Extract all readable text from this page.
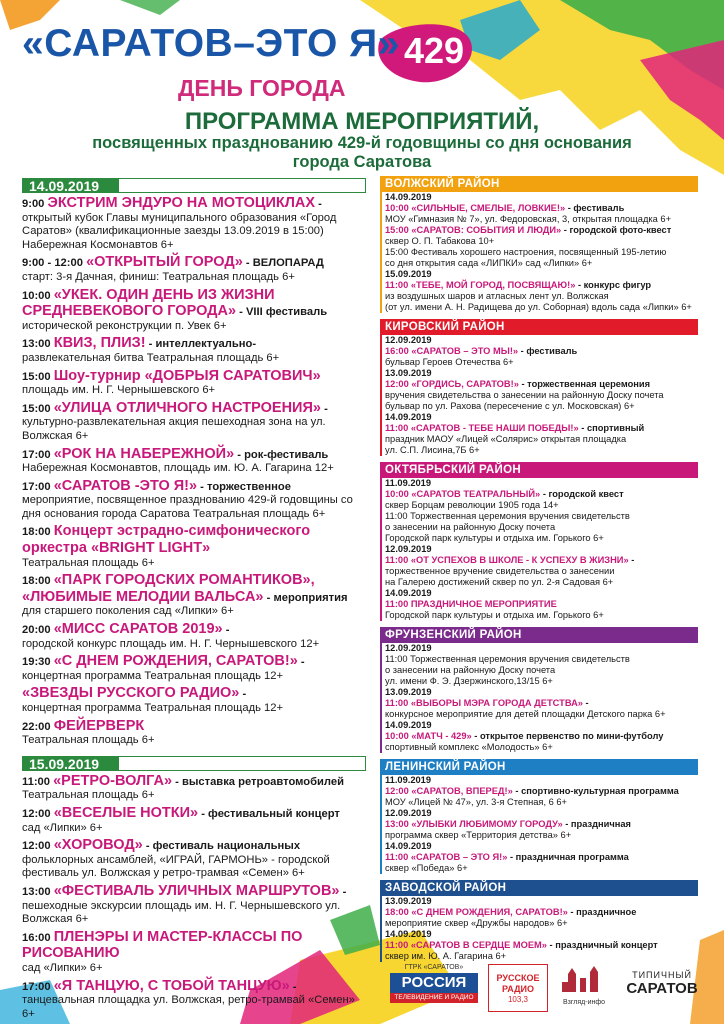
«САРАТОВ–ЭТО Я» 429
ДЕНЬ ГОРОДА
ПРОГРАММА МЕРОПРИЯТИЙ,
посвященных празднованию 429-й годовщины со дня основания
города Саратова
14.09.2019
9:00 ЭКСТРИМ ЭНДУРО НА МОТОЦИКЛАХ -
открытый кубок Главы муниципального образования «Город Саратов» (квалификационные заезды 13.09.2019 в 15:00) Набережная Космонавтов 6+
9:00 - 12:00 «ОТКРЫТЫЙ ГОРОД» - ВЕЛОПАРАД
старт: 3-я Дачная, финиш: Театральная площадь 6+
10:00 «УКЕК. ОДИН ДЕНЬ ИЗ ЖИЗНИ СРЕДНЕВЕКОВОГО ГОРОДА» - VIII фестиваль
исторической реконструкции п. Увек 6+
13:00 КВИЗ, ПЛИЗ! - интеллектуально-
развлекательная битва Театральная площадь 6+
15:00 Шоу-турнир «ДОБРЫЯ САРАТОВИЧ»
площадь им. Н. Г. Чернышевского 6+
15:00 «УЛИЦА ОТЛИЧНОГО НАСТРОЕНИЯ» -
культурно-развлекательная акция пешеходная зона на ул. Волжская 6+
17:00 «РОК НА НАБЕРЕЖНОЙ» - рок-фестиваль
Набережная Космонавтов, площадь им. Ю. А. Гагарина 12+
17:00 «САРАТОВ -ЭТО Я!» - торжественное
мероприятие, посвященное празднованию 429-й годовщины со дня основания города Саратова Театральная площадь 6+
18:00 Концерт эстрадно-симфонического оркестра «BRIGHT LIGHT»
Театральная площадь 6+
18:00 «ПАРК ГОРОДСКИХ РОМАНТИКОВ», «ЛЮБИМЫЕ МЕЛОДИИ ВАЛЬСА» - мероприятия
для старшего поколения сад «Липки» 6+
20:00 «МИСС САРАТОВ 2019» -
городской конкурс площадь им. Н. Г. Чернышевского 12+
19:30 «С ДНЕМ РОЖДЕНИЯ, САРАТОВ!» -
концертная программа Театральная площадь 12+
«ЗВЕЗДЫ РУССКОГО РАДИО» -
концертная программа Театральная площадь 12+
22:00 ФЕЙЕРВЕРК
Театральная площадь 6+
15.09.2019
11:00 «РЕТРО-ВОЛГА» - выставка ретроавтомобилей
Театральная площадь 6+
12:00 «ВЕСЕЛЫЕ НОТКИ» - фестивальный концерт
сад «Липки» 6+
12:00 «ХОРОВОД» - фестиваль национальных
фольклорных ансамблей, «ИГРАЙ, ГАРМОНЬ» - городской фестиваль ул. Волжская у ретро-трамвая «Семен» 6+
13:00 «ФЕСТИВАЛЬ УЛИЧНЫХ МАРШРУТОВ» -
пешеходные экскурсии площадь им. Н. Г. Чернышевского ул. Волжская 6+
16:00 ПЛЕНЭРЫ И МАСТЕР-КЛАССЫ ПО РИСОВАНИЮ
сад «Липки» 6+
17:00 «Я ТАНЦУЮ, С ТОБОЙ ТАНЦУЮ» -
танцевальная площадка ул. Волжская, ретро-трамвай «Семен» 6+
ВОЛЖСКИЙ РАЙОН
14.09.2019
10:00 «СИЛЬНЫЕ, СМЕЛЫЕ, ЛОВКИЕ!» - фестиваль
МОУ «Гимназия № 7», ул. Федоровская, 3, открытая площадка 6+
15:00 «САРАТОВ: СОБЫТИЯ И ЛЮДИ» - городской фото-квест
сквер О. П. Табакова 10+
15:00 Фестиваль хорошего настроения, посвященный 195-летию
со дня открытия сада «ЛИПКИ» сад «Липки» 6+
15.09.2019
11:00 «ТЕБЕ, МОЙ ГОРОД, ПОСВЯЩАЮ!» - конкурс фигур
из воздушных шаров и атласных лент ул. Волжская
(от ул. имени А. Н. Радищева до ул. Соборная) вдоль сада «Липки» 6+
КИРОВСКИЙ РАЙОН
12.09.2019
16:00 «САРАТОВ – ЭТО МЫ!» - фестиваль
бульвар Героев Отечества 6+
13.09.2019
12:00 «ГОРДИСЬ, САРАТОВ!» - торжественная церемония
вручения свидетельства о занесении на районную Доску почета
бульвар по ул. Рахова (пересечение с ул. Московская) 6+
14.09.2019
11:00 «САРАТОВ - ТЕБЕ НАШИ ПОБЕДЫ!» - спортивный
праздник МАОУ «Лицей «Солярис» открытая площадка
ул. С.П. Лисина,7Б 6+
ОКТЯБРЬСКИЙ РАЙОН
11.09.2019
10:00 «САРАТОВ ТЕАТРАЛЬНЫЙ» - городской квест
сквер Борцам революции 1905 года 14+
11:00 Торжественная церемония вручения свидетельств
о занесении на районную Доску почета
Городской парк культуры и отдыха им. Горького 6+
12.09.2019
11:00 «ОТ УСПЕХОВ В ШКОЛЕ - К УСПЕХУ В ЖИЗНИ» -
торжественное вручение свидетельства о занесении
на Галерею достижений сквер по ул. 2-я Садовая 6+
14.09.2019
11:00 ПРАЗДНИЧНОЕ МЕРОПРИЯТИЕ
Городской парк культуры и отдыха им. Горького 6+
ФРУНЗЕНСКИЙ РАЙОН
12.09.2019
11:00 Торжественная церемония вручения свидетельств
о занесении на районную Доску почета
ул. имени Ф. Э. Дзержинского,13/15 6+
13.09.2019
11:00 «ВЫБОРЫ МЭРА ГОРОДА ДЕТСТВА» -
конкурсное мероприятие для детей площадки Детского парка 6+
14.09.2019
10:00 «МАТЧ - 429» - открытое первенство по мини-футболу
спортивный комплекс «Молодость» 6+
ЛЕНИНСКИЙ РАЙОН
11.09.2019
12:00 «САРАТОВ, ВПЕРЕД!» - спортивно-культурная программа
МОУ «Лицей № 47», ул. 3-я Степная, 6 6+
12.09.2019
13:00 «УЛЫБКИ ЛЮБИМОМУ ГОРОДУ» - праздничная
программа сквер «Территория детства» 6+
14.09.2019
11:00 «САРАТОВ – ЭТО Я!» - праздничная программа
сквер «Победа» 6+
ЗАВОДСКОЙ РАЙОН
13.09.2019
18:00 «С ДНЕМ РОЖДЕНИЯ, САРАТОВ!» - праздничное
мероприятие сквер «Дружбы народов» 6+
14.09.2019
11:00 «САРАТОВ В СЕРДЦЕ МОЕМ» - праздничный концерт
сквер им. Ю. А. Гагарина 6+
ГТРК «САРАТОВ»
РОССИЯ
ТЕЛЕВИДЕНИЕ И РАДИО
РУССКОЕ РАДИО
103,3	Взгляд-инфо
ТИПИЧНЫЙ
САРАТОВ
